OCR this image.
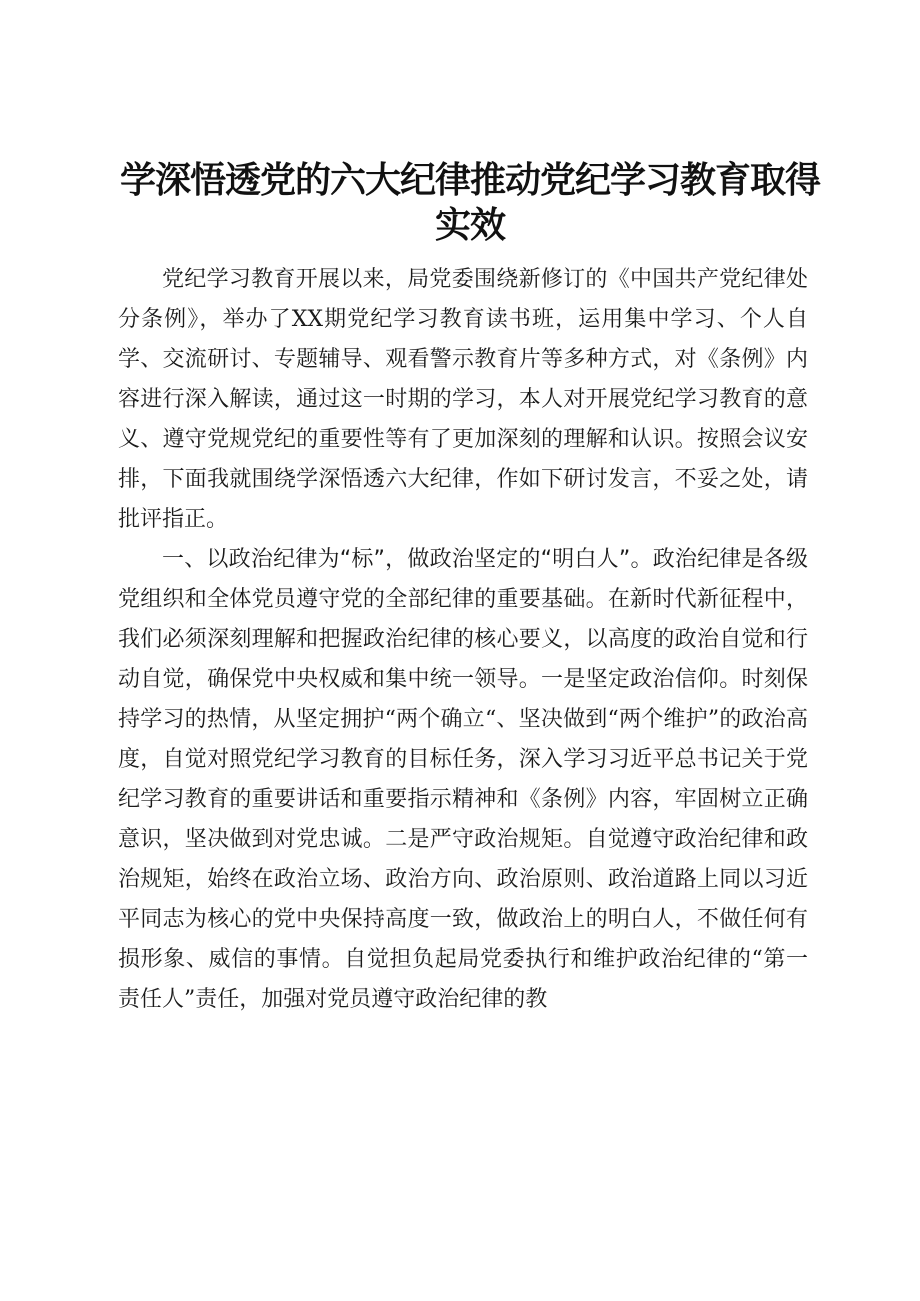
学深悟透党的六大纪律推动党纪学习教育取得实效

党纪学习教育开展以来，局党委围绕新修订的《中国共产党纪律处分条例》，举办了XX期党纪学习教育读书班，运用集中学习、个人自学、交流研讨、专题辅导、观看警示教育片等多种方式，对《条例》内容进行深入解读，通过这一时期的学习，本人对开展党纪学习教育的意义、遵守党规党纪的重要性等有了更加深刻的理解和认识。按照会议安排，下面我就围绕学深悟透六大纪律，作如下研讨发言，不妥之处，请批评指正。

一、以政治纪律为“标”，做政治坚定的“明白人”。政治纪律是各级党组织和全体党员遵守党的全部纪律的重要基础。在新时代新征程中，我们必须深刻理解和把握政治纪律的核心要义，以高度的政治自觉和行动自觉，确保党中央权威和集中统一领导。一是坚定政治信仰。时刻保持学习的热情，从坚定拥护“两个确立“、坚决做到“两个维护”的政治高度，自觉对照党纪学习教育的目标任务，深入学习习近平总书记关于党纪学习教育的重要讲话和重要指示精神和《条例》内容，牢固树立正确意识，坚决做到对党忠诚。二是严守政治规矩。自觉遵守政治纪律和政治规矩，始终在政治立场、政治方向、政治原则、政治道路上同以习近平同志为核心的党中央保持高度一致，做政治上的明白人，不做任何有损形象、威信的事情。自觉担负起局党委执行和维护政治纪律的“第一责任人”责任，加强对党员遵守政治纪律的教
